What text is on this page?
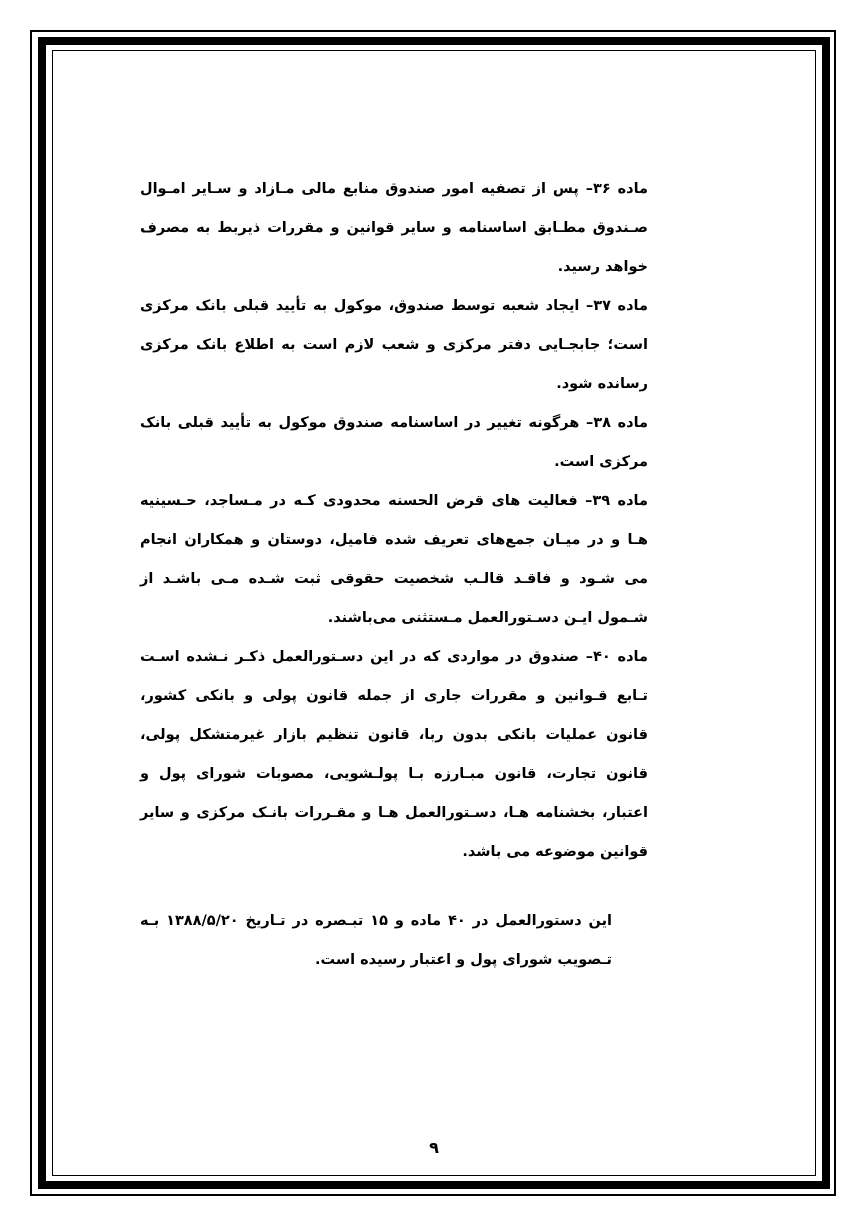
ماده ۳۶– پس از تصفیه امور صندوق منابع مالی مـازاد و سـایر امـوال صـندوق مطـابق اساسنامه و سایر قوانین و مقررات ذیربط به مصرف خواهد رسید.

ماده ۳۷– ایجاد شعبه توسط صندوق، موکول به تأیید قبلی بانک مرکزی است؛ جابجـایی دفتر مرکزی و شعب لازم است به اطلاع بانک مرکزی رسانده شود.

ماده ۳۸– هرگونه تغییر در اساسنامه صندوق موکول به تأیید قبلی بانک مرکزی است.

ماده ۳۹– فعالیت های قرض الحسنه محدودی کـه در مـساجد، حـسینیه هـا و در میـان جمع‌های تعریف شده فامیل، دوستان و همکاران انجام می شـود و فاقـد قالـب شخصیت حقوقی ثبت شـده مـی باشـد از شـمول ایـن دسـتورالعمل مـستثنی می‌باشند.

ماده ۴۰– صندوق در مواردی که در این دسـتورالعمل ذکـر نـشده اسـت تـابع قـوانین و مقررات جاری از جمله قانون پولی و بانکی کشور، قانون عملیات بانکی بدون ربا، قانون تنظیم بازار غیرمتشکل پولی، قانون تجارت، قانون مبـارزه بـا پولـشویی، مصوبات شورای پول و اعتبار، بخشنامه هـا، دسـتورالعمل هـا و مقـررات بانـک مرکزی و سایر قوانین موضوعه می باشد.

این دستورالعمل در ۴۰ ماده و ۱۵ تبـصره در تـاریخ ۱۳۸۸/۵/۲۰ بـه تـصویب شورای پول و اعتبار رسیده است.

۹
